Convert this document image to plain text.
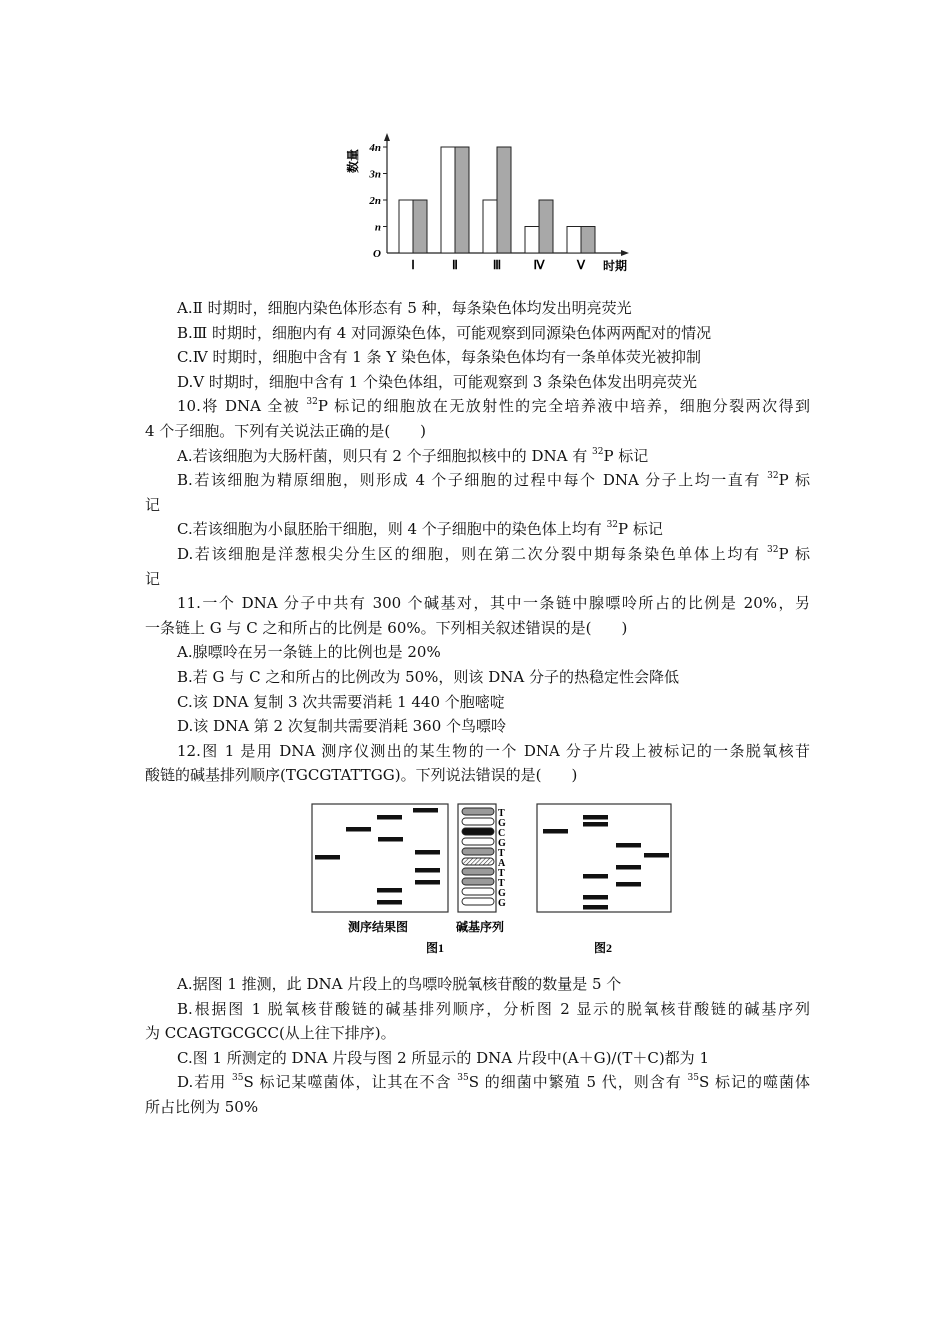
数量
O
n
2n
3n
4n
Ⅰ	Ⅱ	Ⅲ	Ⅳ	Ⅴ 时期
A.Ⅱ 时期时，细胞内染色体形态有 5 种，每条染色体均发出明亮荧光
B.Ⅲ 时期时，细胞内有 4 对同源染色体，可能观察到同源染色体两两配对的情况
C.Ⅳ 时期时，细胞中含有 1 条 Y 染色体，每条染色体均有一条单体荧光被抑制
D.Ⅴ 时期时，细胞中含有 1 个染色体组，可能观察到 3 条染色体发出明亮荧光
10.将 DNA 全被 $^{32}$P 标记的细胞放在无放射性的完全培养液中培养，细胞分裂两次得到
4 个子细胞。下列有关说法正确的是(　　)
A.若该细胞为大肠杆菌，则只有 2 个子细胞拟核中的 DNA 有 $^{32}$P 标记
B.若该细胞为精原细胞，则形成 4 个子细胞的过程中每个 DNA 分子上均一直有 $^{32}$P 标
记
C.若该细胞为小鼠胚胎干细胞，则 4 个子细胞中的染色体上均有 $^{32}$P 标记
D.若该细胞是洋葱根尖分生区的细胞，则在第二次分裂中期每条染色单体上均有 $^{32}$P 标
记
11.一个 DNA 分子中共有 300 个碱基对，其中一条链中腺嘌呤所占的比例是 20%，另
一条链上 G 与 C 之和所占的比例是 60%。下列相关叙述错误的是(　　)
A.腺嘌呤在另一条链上的比例也是 20%
B.若 G 与 C 之和所占的比例改为 50%，则该 DNA 分子的热稳定性会降低
C.该 DNA 复制 3 次共需要消耗 1 440 个胞嘧啶
D.该 DNA 第 2 次复制共需要消耗 360 个鸟嘌呤
12.图 1 是用 DNA 测序仪测出的某生物的一个 DNA 分子片段上被标记的一条脱氧核苷
酸链的碱基排列顺序(TGCGTATTGG)。下列说法错误的是(　　)
T
G
C
G
T
A
T
T
G
G
测序结果图	碱基序列
图1	图2
A.据图 1 推测，此 DNA 片段上的鸟嘌呤脱氧核苷酸的数量是 5 个
B.根据图 1 脱氧核苷酸链的碱基排列顺序，分析图 2 显示的脱氧核苷酸链的碱基序列
为 CCAGTGCGCC(从上往下排序)。
C.图 1 所测定的 DNA 片段与图 2 所显示的 DNA 片段中(A＋G)/(T＋C)都为 1
D.若用 $^{35}$S 标记某噬菌体，让其在不含 $^{35}$S 的细菌中繁殖 5 代，则含有 $^{35}$S 标记的噬菌体
所占比例为 50%
